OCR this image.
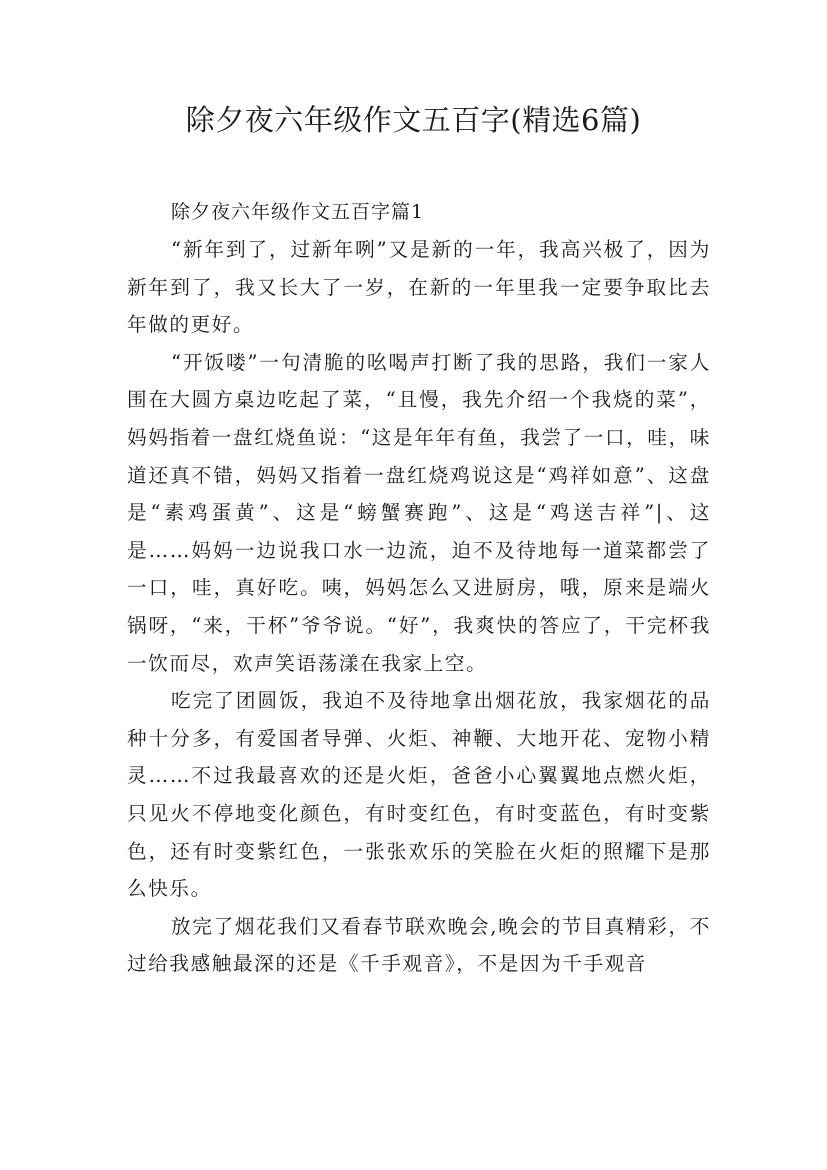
除夕夜六年级作文五百字(精选6篇)
除夕夜六年级作文五百字篇1

“新年到了，过新年咧”又是新的一年，我高兴极了，因为新年到了，我又长大了一岁，在新的一年里我一定要争取比去年做的更好。

“开饭喽”一句清脆的吆喝声打断了我的思路，我们一家人围在大圆方桌边吃起了菜，“且慢，我先介绍一个我烧的菜”，妈妈指着一盘红烧鱼说：“这是年年有鱼，我尝了一口，哇，味道还真不错，妈妈又指着一盘红烧鸡说这是“鸡祥如意”、这盘是“素鸡蛋黄”、这是“螃蟹赛跑”、这是“鸡送吉祥”|、这是……妈妈一边说我口水一边流，迫不及待地每一道菜都尝了一口，哇，真好吃。咦，妈妈怎么又进厨房，哦，原来是端火锅呀，“来，干杯”爷爷说。“好”，我爽快的答应了，干完杯我一饮而尽，欢声笑语荡漾在我家上空。

吃完了团圆饭，我迫不及待地拿出烟花放，我家烟花的品种十分多，有爱国者导弹、火炬、神鞭、大地开花、宠物小精灵……不过我最喜欢的还是火炬，爸爸小心翼翼地点燃火炬，只见火不停地变化颜色，有时变红色，有时变蓝色，有时变紫色，还有时变紫红色，一张张欢乐的笑脸在火炬的照耀下是那么快乐。

放完了烟花我们又看春节联欢晚会,晚会的节目真精彩，不过给我感触最深的还是《千手观音》，不是因为千手观音
